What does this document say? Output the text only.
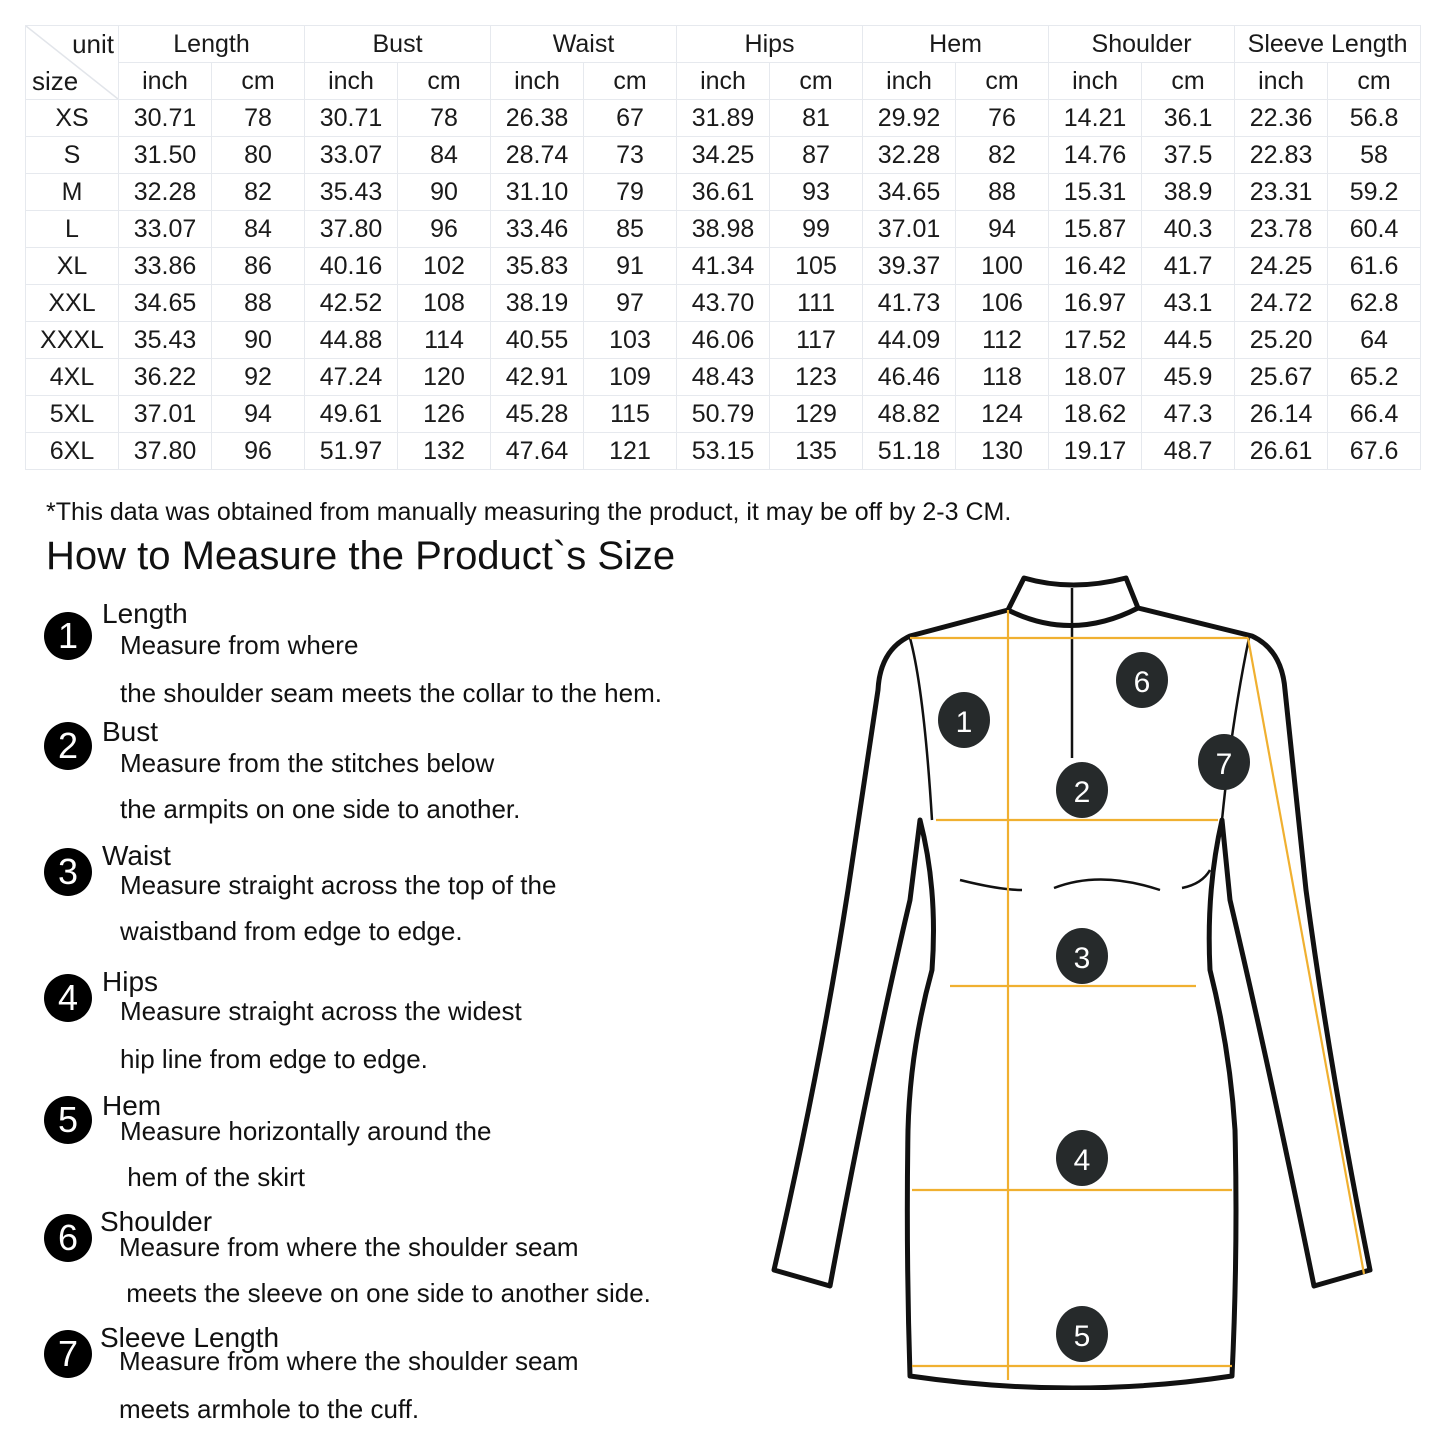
unit
size	Length		Bust		Waist		Hips		Hem		Shoulder		Sleeve Length	
	inch	cm	inch	cm	inch	cm	inch	cm	inch	cm	inch	cm	inch	cm
XS	30.71	78	30.71	78	26.38	67	31.89	81	29.92	76	14.21	36.1	22.36	56.8
S	31.50	80	33.07	84	28.74	73	34.25	87	32.28	82	14.76	37.5	22.83	58
M	32.28	82	35.43	90	31.10	79	36.61	93	34.65	88	15.31	38.9	23.31	59.2
L	33.07	84	37.80	96	33.46	85	38.98	99	37.01	94	15.87	40.3	23.78	60.4
XL	33.86	86	40.16	102	35.83	91	41.34	105	39.37	100	16.42	41.7	24.25	61.6
XXL	34.65	88	42.52	108	38.19	97	43.70	111	41.73	106	16.97	43.1	24.72	62.8
XXXL	35.43	90	44.88	114	40.55	103	46.06	117	44.09	112	17.52	44.5	25.20	64
4XL	36.22	92	47.24	120	42.91	109	48.43	123	46.46	118	18.07	45.9	25.67	65.2
5XL	37.01	94	49.61	126	45.28	115	50.79	129	48.82	124	18.62	47.3	26.14	66.4
6XL	37.80	96	51.97	132	47.64	121	53.15	135	51.18	130	19.17	48.7	26.61	67.6
*This data was obtained from manually measuring the product, it may be off by 2-3 CM.
How to Measure the Product`s Size
1
Length
Measure from where
the shoulder seam meets the collar to the hem.
2 Bust
Measure from the stitches below
the armpits on one side to another.
3 Waist
Measure straight across the top of the
waistband from edge to edge.
4 Hips
Measure straight across the widest
hip line from edge to edge.
5 Hem
Measure horizontally around the
hem of the skirt
6 Shoulder
Measure from where the shoulder seam
meets the sleeve on one side to another side.
7 Sleeve Length
Measure from where the shoulder seam
meets armhole to the cuff.
1
6
7
2
3
4
5
